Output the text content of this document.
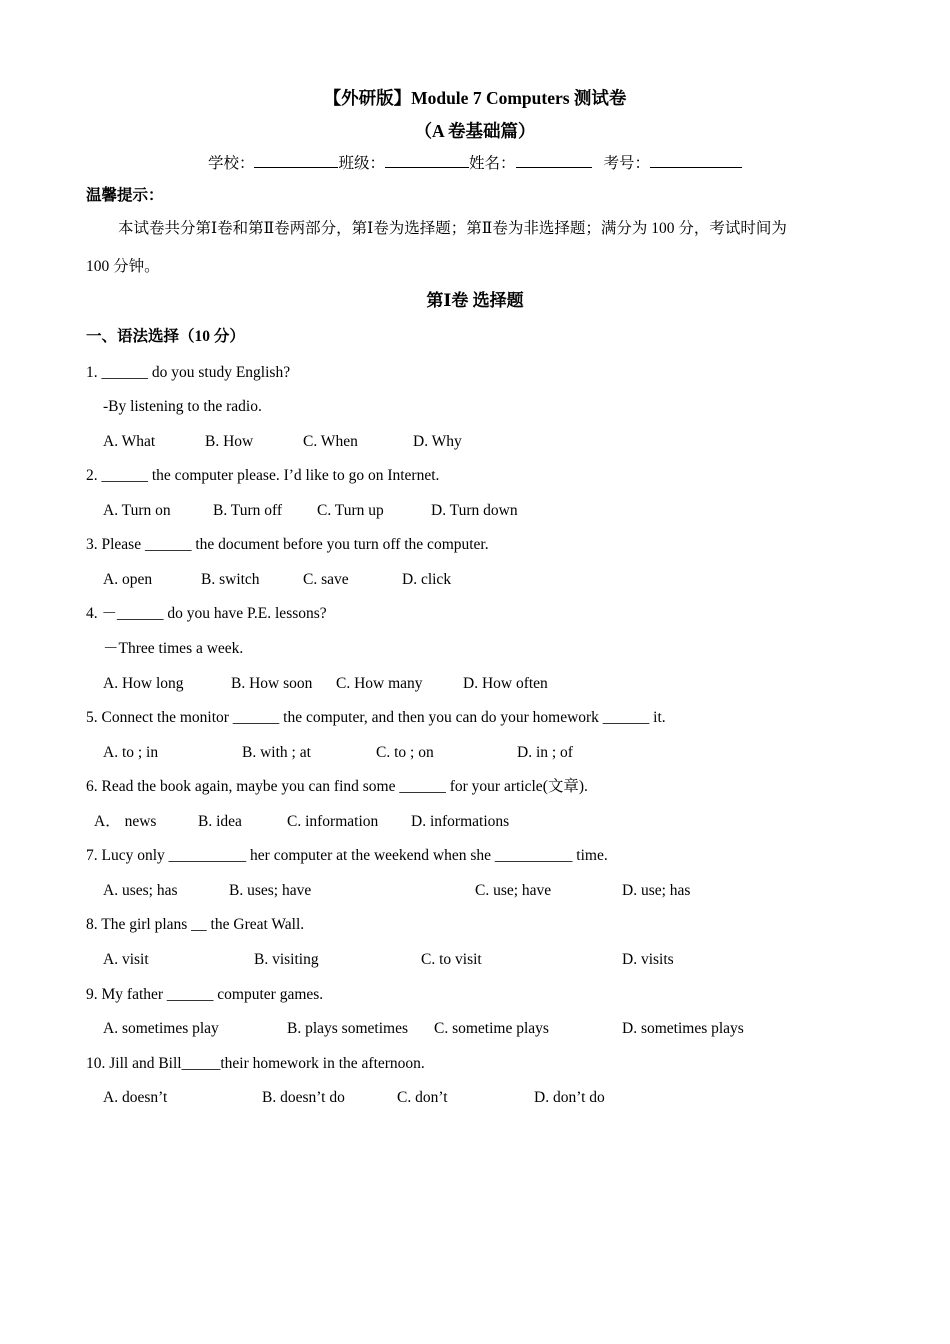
【外研版】Module 7 Computers 测试卷
（A 卷基础篇）
学校：	班级：	姓名：	考号：
温馨提示：
本试卷共分第Ⅰ卷和第Ⅱ卷两部分，第Ⅰ卷为选择题；第Ⅱ卷为非选择题；满分为 100 分，考试时间为
100 分钟。
第Ⅰ卷 选择题
一、语法选择（10 分）
1. ______ do you study English?
-By listening to the radio.
A. What	B. How	C. When	D. Why
2. ______ the computer please. I’d like to go on Internet.
A. Turn on	B. Turn off C. Turn up	D. Turn down
3. Please ______ the document before you turn off the computer.
A. open	B. switch	C. save	D. click
4. －______ do you have P.E. lessons?
－Three times a week.
A. How long	B. How soon C. How many	D. How often
5. Connect the monitor ______ the computer, and then you can do your homework ______ it.
A. to ; in	B. with ; at	C. to ; on	D. in ; of
6. Read the book again, maybe you can find some ______ for your article(文章).
A． news	B. idea	C. information D. informations
7. Lucy only __________ her computer at the weekend when she __________ time.
A. uses; has	B. uses; have	C. use; have	D. use; has
8. The girl plans __ the Great Wall.
A. visit	B. visiting	C. to visit	D. visits
9. My father ______ computer games.
A. sometimes play	B. plays sometimes C. sometime plays	D. sometimes plays
10. Jill and Bill_____their homework in the afternoon.
A. doesn’t	B. doesn’t do	C. don’t	D. don’t do
